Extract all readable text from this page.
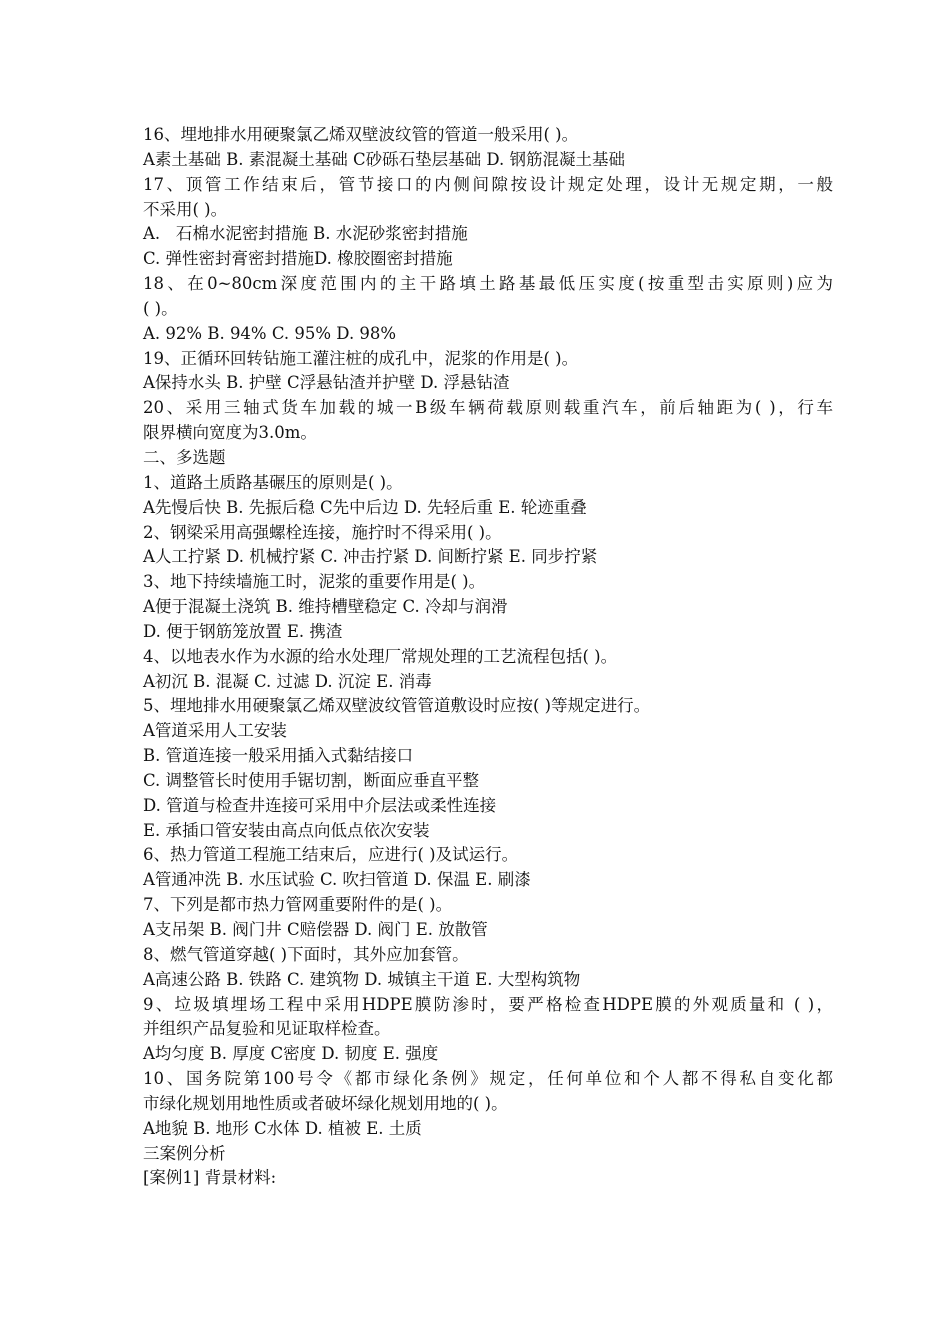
16、埋地排水用硬聚氯乙烯双壁波纹管的管道一般采用( )。
A素土基础 B. 素混凝土基础 C砂砾石垫层基础 D. 钢筋混凝土基础
17、顶管工作结束后，管节接口的内侧间隙按设计规定处理，设计无规定期，一般
不采用( )。
A.   石棉水泥密封措施 B. 水泥砂浆密封措施
C. 弹性密封膏密封措施D. 橡胶圈密封措施
18、在0~80cm深度范围内的主干路填土路基最低压实度(按重型击实原则)应为
( )。
A. 92% B. 94% C. 95% D. 98%
19、正循环回转钻施工灌注桩的成孔中，泥浆的作用是( )。
A保持水头 B. 护壁 C浮悬钻渣并护壁 D. 浮悬钻渣
20、采用三轴式货车加载的城一B级车辆荷载原则载重汽车，前后轴距为( )，行车
限界横向宽度为3.0m。
二、多选题
1、道路土质路基碾压的原则是( )。
A先慢后快 B. 先振后稳 C先中后边 D. 先轻后重 E. 轮迹重叠
2、钢梁采用高强螺栓连接，施拧时不得采用( )。
A人工拧紧 D. 机械拧紧 C. 冲击拧紧 D. 间断拧紧 E. 同步拧紧
3、地下持续墙施工时，泥浆的重要作用是( )。
A便于混凝土浇筑 B. 维持槽壁稳定 C. 冷却与润滑
D. 便于钢筋笼放置 E. 携渣
4、以地表水作为水源的给水处理厂常规处理的工艺流程包括( )。
A初沉 B. 混凝 C. 过滤 D. 沉淀 E. 消毒
5、埋地排水用硬聚氯乙烯双壁波纹管管道敷设时应按( )等规定进行。
A管道采用人工安装
B. 管道连接一般采用插入式黏结接口
C. 调整管长时使用手锯切割，断面应垂直平整
D. 管道与检查井连接可采用中介层法或柔性连接
E. 承插口管安装由高点向低点依次安装
6、热力管道工程施工结束后，应进行( )及试运行。
A管通冲洗 B. 水压试验 C. 吹扫管道 D. 保温 E. 刷漆
7、下列是都市热力管网重要附件的是( )。
A支吊架 B. 阀门井 C赔偿器 D. 阀门 E. 放散管
8、燃气管道穿越( )下面时，其外应加套管。
A高速公路 B. 铁路 C. 建筑物 D. 城镇主干道 E. 大型构筑物
9、垃圾填埋场工程中采用HDPE膜防渗时，要严格检查HDPE膜的外观质量和 ( )，
并组织产品复验和见证取样检查。
A均匀度 B. 厚度 C密度 D. 韧度 E. 强度
10、国务院第100号令《都市绿化条例》规定，任何单位和个人都不得私自变化都
市绿化规划用地性质或者破坏绿化规划用地的( )。
A地貌 B. 地形 C水体 D. 植被 E. 土质
三案例分析
[案例1] 背景材料:
